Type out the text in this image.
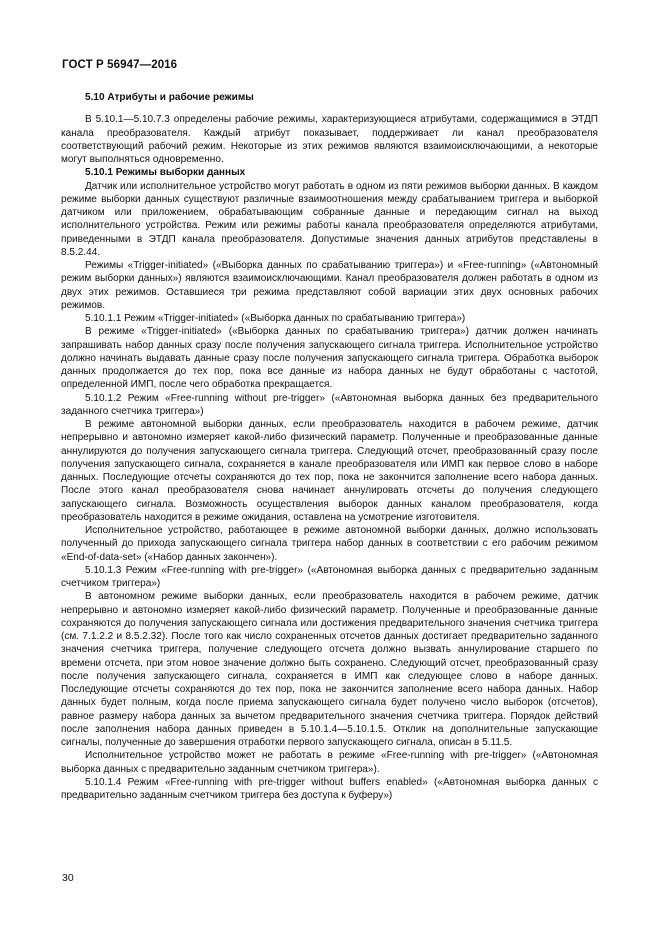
ГОСТ Р 56947—2016

5.10 Атрибуты и рабочие режимы

В 5.10.1—5.10.7.3 определены рабочие режимы, характеризующиеся атрибутами, содержащимися в ЭТДП канала преобразователя. Каждый атрибут показывает, поддерживает ли канал преобразователя соответствующий рабочий режим. Некоторые из этих режимов являются взаимоисключающими, а некоторые могут выполняться одновременно.

5.10.1 Режимы выборки данных

Датчик или исполнительное устройство могут работать в одном из пяти режимов выборки данных. В каждом режиме выборки данных существуют различные взаимоотношения между срабатыванием триггера и выборкой датчиком или приложением, обрабатывающим собранные данные и передающим сигнал на выход исполнительного устройства. Режим или режимы работы канала преобразователя определяются атрибутами, приведенными в ЭТДП канала преобразователя. Допустимые значения данных атрибутов представлены в 8.5.2.44.

Режимы «Trigger-initiated» («Выборка данных по срабатыванию триггера») и «Free-running» («Автономный режим выборки данных») являются взаимоисключающими. Канал преобразователя должен работать в одном из двух этих режимов. Оставшиеся три режима представляют собой вариации этих двух основных рабочих режимов.

5.10.1.1 Режим «Trigger-initiated» («Выборка данных по срабатыванию триггера»)

В режиме «Trigger-initiated» («Выборка данных по срабатыванию триггера») датчик должен начинать запрашивать набор данных сразу после получения запускающего сигнала триггера. Исполнительное устройство должно начинать выдавать данные сразу после получения запускающего сигнала триггера. Обработка выборок данных продолжается до тех пор, пока все данные из набора данных не будут обработаны с частотой, определенной ИМП, после чего обработка прекращается.

5.10.1.2 Режим «Free-running without pre-trigger» («Автономная выборка данных без предварительного заданного счетчика триггера»)

В режиме автономной выборки данных, если преобразователь находится в рабочем режиме, датчик непрерывно и автономно измеряет какой-либо физический параметр. Полученные и преобразованные данные аннулируются до получения запускающего сигнала триггера. Следующий отсчет, преобразованный сразу после получения запускающего сигнала, сохраняется в канале преобразователя или ИМП как первое слово в наборе данных. Последующие отсчеты сохраняются до тех пор, пока не закончится заполнение всего набора данных. После этого канал преобразователя снова начинает аннулировать отсчеты до получения следующего запускающего сигнала. Возможность осуществления выборок данных каналом преобразователя, когда преобразователь находится в режиме ожидания, оставлена на усмотрение изготовителя.

Исполнительное устройство, работающее в режиме автономной выборки данных, должно использовать полученный до прихода запускающего сигнала триггера набор данных в соответствии с его рабочим режимом «End-of-data-set» («Набор данных закончен»).

5.10.1.3 Режим «Free-running with pre-trigger» («Автономная выборка данных с предварительно заданным счетчиком триггера»)

В автономном режиме выборки данных, если преобразователь находится в рабочем режиме, датчик непрерывно и автономно измеряет какой-либо физический параметр. Полученные и преобразованные данные сохраняются до получения запускающего сигнала или достижения предварительного значения счетчика триггера (см. 7.1.2.2 и 8.5.2.32). После того как число сохраненных отсчетов данных достигает предварительно заданного значения счетчика триггера, получение следующего отсчета должно вызвать аннулирование старшего по времени отсчета, при этом новое значение должно быть сохранено. Следующий отсчет, преобразованный сразу после получения запускающего сигнала, сохраняется в ИМП как следующее слово в наборе данных. Последующие отсчеты сохраняются до тех пор, пока не закончится заполнение всего набора данных. Набор данных будет полным, когда после приема запускающего сигнала будет получено число выборок (отсчетов), равное размеру набора данных за вычетом предварительного значения счетчика триггера. Порядок действий после заполнения набора данных приведен в 5.10.1.4—5.10.1.5. Отклик на дополнительные запускающие сигналы, полученные до завершения отработки первого запускающего сигнала, описан в 5.11.5.

Исполнительное устройство может не работать в режиме «Free-running with pre-trigger» («Автономная выборка данных с предварительно заданным счетчиком триггера»).

5.10.1.4 Режим «Free-running with pre-trigger without buffers enabled» («Автономная выборка данных с предварительно заданным счетчиком триггера без доступа к буферу»)

30
